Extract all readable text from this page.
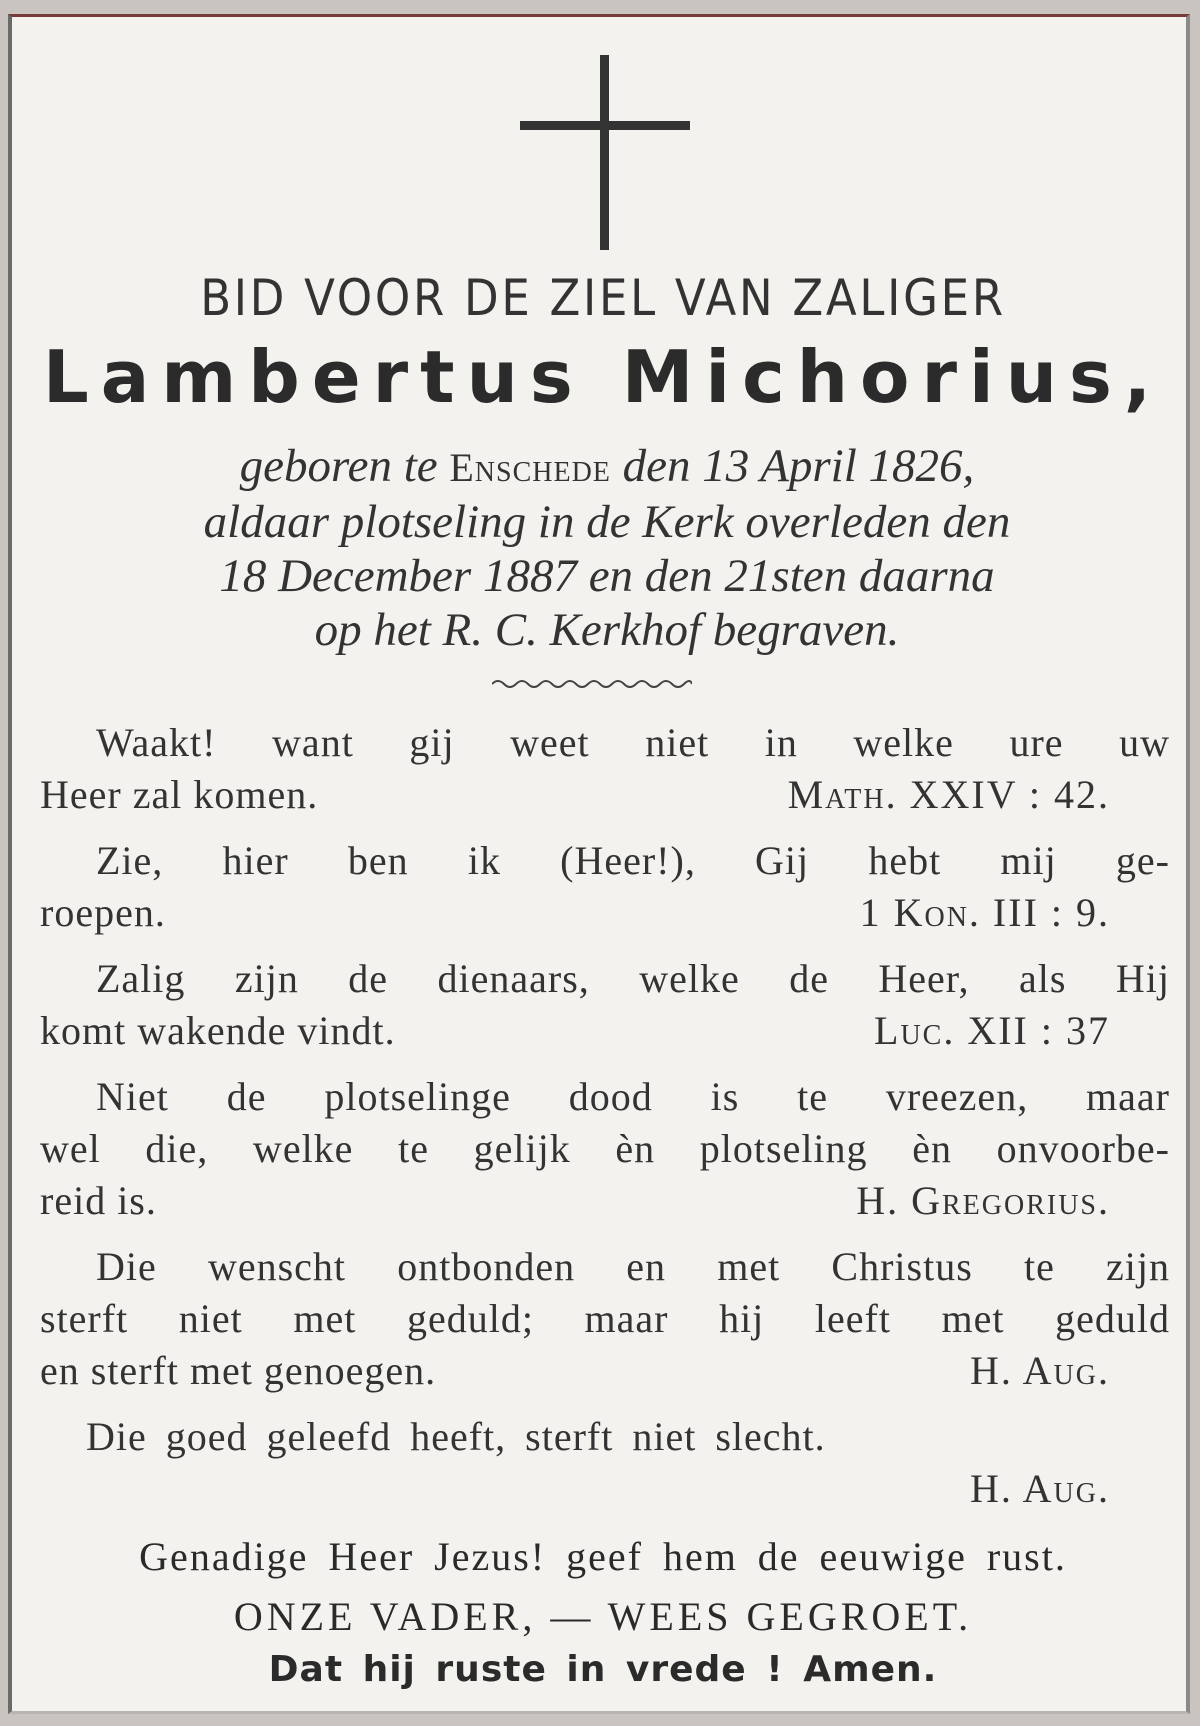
BID VOOR DE ZIEL VAN ZALIGER
Lambertus Michorius,
geboren te Enschede den 13 April 1826,
aldaar plotseling in de Kerk overleden den
18 December 1887 en den 21sten daarna
op het R. C. Kerkhof begraven.
Waakt! want gij weet niet in welke ure uw
Heer zal komen.	Math. XXIV : 42.
Zie, hier ben ik (Heer!), Gij hebt mij ge-
roepen.	1 Kon. III : 9.
Zalig zijn de dienaars, welke de Heer, als Hij
komt wakende vindt.	Luc. XII : 37
Niet de plotselinge dood is te vreezen, maar
wel die, welke te gelijk èn plotseling èn onvoorbe-
reid is.	H. Gregorius.
Die wenscht ontbonden en met Christus te zijn
sterft niet met geduld; maar hij leeft met geduld
en sterft met genoegen.	H. Aug.
Die goed geleefd heeft, sterft niet slecht.
H. Aug.
Genadige Heer Jezus! geef hem de eeuwige rust.
ONZE VADER, — WEES GEGROET.
Dat hij ruste in vrede ! Amen.
